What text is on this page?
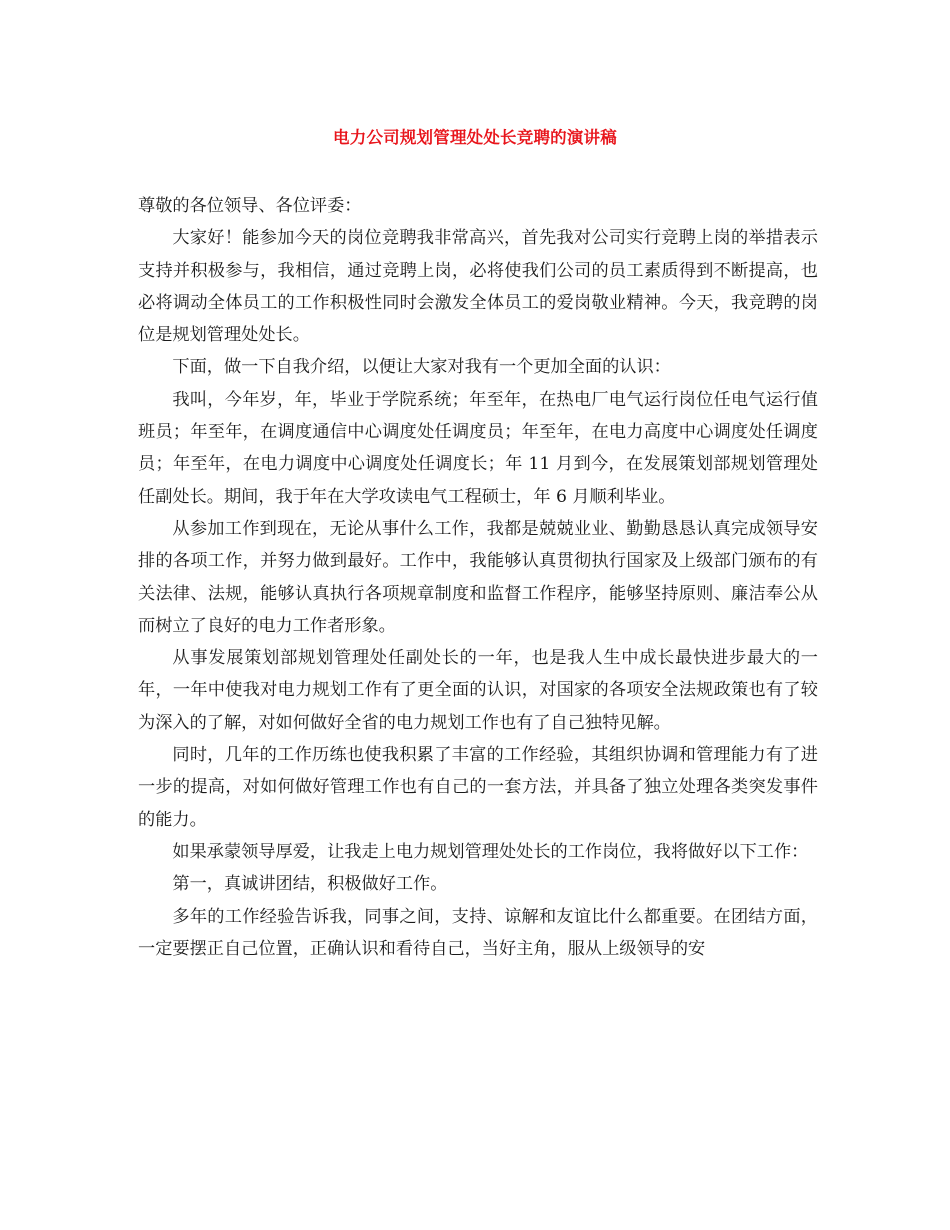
电力公司规划管理处处长竞聘的演讲稿

尊敬的各位领导、各位评委：

大家好！能参加今天的岗位竞聘我非常高兴，首先我对公司实行竞聘上岗的举措表示支持并积极参与，我相信，通过竞聘上岗，必将使我们公司的员工素质得到不断提高，也必将调动全体员工的工作积极性同时会激发全体员工的爱岗敬业精神。今天，我竞聘的岗位是规划管理处处长。

下面，做一下自我介绍，以便让大家对我有一个更加全面的认识：

我叫，今年岁，年，毕业于学院系统；年至年，在热电厂电气运行岗位任电气运行值班员；年至年，在调度通信中心调度处任调度员；年至年，在电力高度中心调度处任调度员；年至年，在电力调度中心调度处任调度长；年 11 月到今，在发展策划部规划管理处任副处长。期间，我于年在大学攻读电气工程硕士，年 6 月顺利毕业。

从参加工作到现在，无论从事什么工作，我都是兢兢业业、勤勤恳恳认真完成领导安排的各项工作，并努力做到最好。工作中，我能够认真贯彻执行国家及上级部门颁布的有关法律、法规，能够认真执行各项规章制度和监督工作程序，能够坚持原则、廉洁奉公从而树立了良好的电力工作者形象。

从事发展策划部规划管理处任副处长的一年，也是我人生中成长最快进步最大的一年，一年中使我对电力规划工作有了更全面的认识，对国家的各项安全法规政策也有了较为深入的了解，对如何做好全省的电力规划工作也有了自己独特见解。

同时，几年的工作历练也使我积累了丰富的工作经验，其组织协调和管理能力有了进一步的提高，对如何做好管理工作也有自己的一套方法，并具备了独立处理各类突发事件的能力。

如果承蒙领导厚爱，让我走上电力规划管理处处长的工作岗位，我将做好以下工作：

第一，真诚讲团结，积极做好工作。

多年的工作经验告诉我，同事之间，支持、谅解和友谊比什么都重要。在团结方面，一定要摆正自己位置，正确认识和看待自己，当好主角，服从上级领导的安
